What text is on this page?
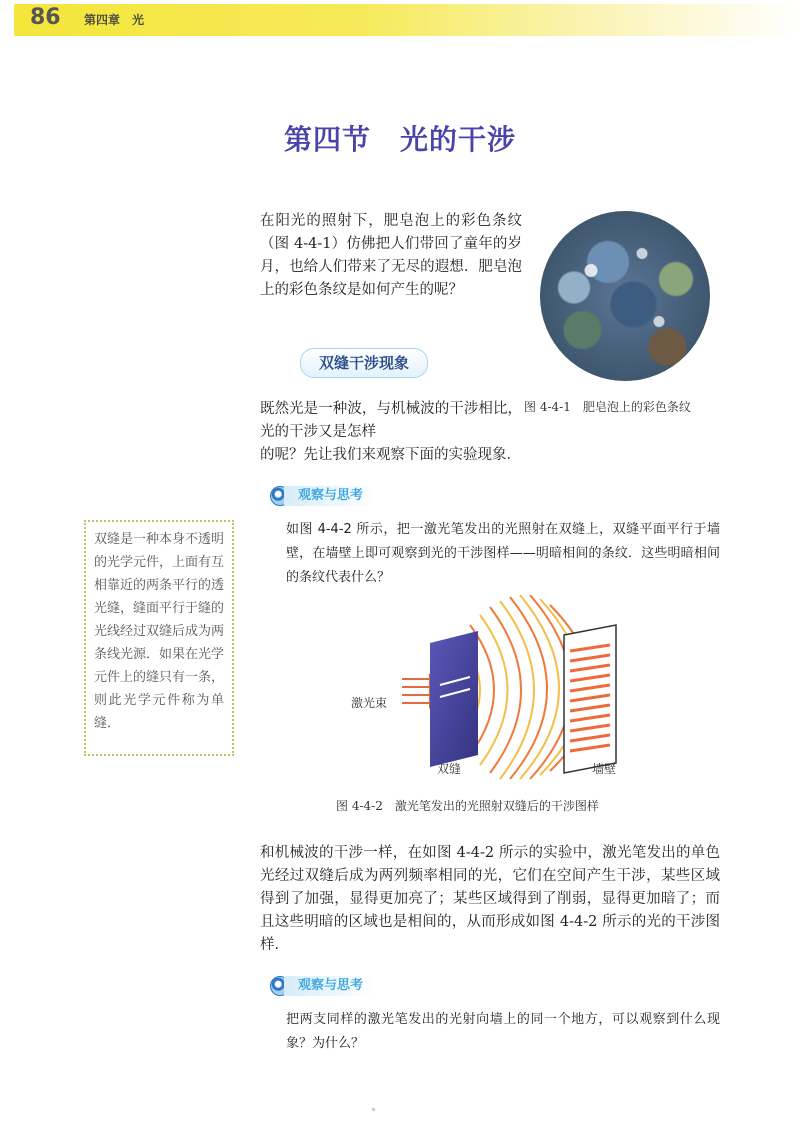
86 第四章　光
第四节　光的干涉
在阳光的照射下，肥皂泡上的彩色条纹（图 4-4-1）仿佛把人们带回了童年的岁月，也给人们带来了无尽的遐想．肥皂泡上的彩色条纹是如何产生的呢？
图 4-4-1　肥皂泡上的彩色条纹
双缝干涉现象
既然光是一种波，与机械波的干涉相比，光的干涉又是怎样
的呢？先让我们来观察下面的实验现象．
观察与思考
如图 4-4-2 所示，把一激光笔发出的光照射在双缝上，双缝平面平行于墙壁，在墙壁上即可观察到光的干涉图样——明暗相间的条纹．这些明暗相间的条纹代表什么？
双缝是一种本身不透明的光学元件，上面有互相靠近的两条平行的透光缝，缝面平行于缝的光线经过双缝后成为两条线光源．如果在光学元件上的缝只有一条，则此光学元件称为单缝．
激光束
双缝	墙壁
图 4-4-2　激光笔发出的光照射双缝后的干涉图样
和机械波的干涉一样，在如图 4-4-2 所示的实验中，激光笔发出的单色光经过双缝后成为两列频率相同的光，它们在空间产生干涉，某些区域得到了加强，显得更加亮了；某些区域得到了削弱，显得更加暗了；而且这些明暗的区域也是相间的，从而形成如图 4-4-2 所示的光的干涉图样．
观察与思考
把两支同样的激光笔发出的光射向墙上的同一个地方，可以观察到什么现象？为什么？
